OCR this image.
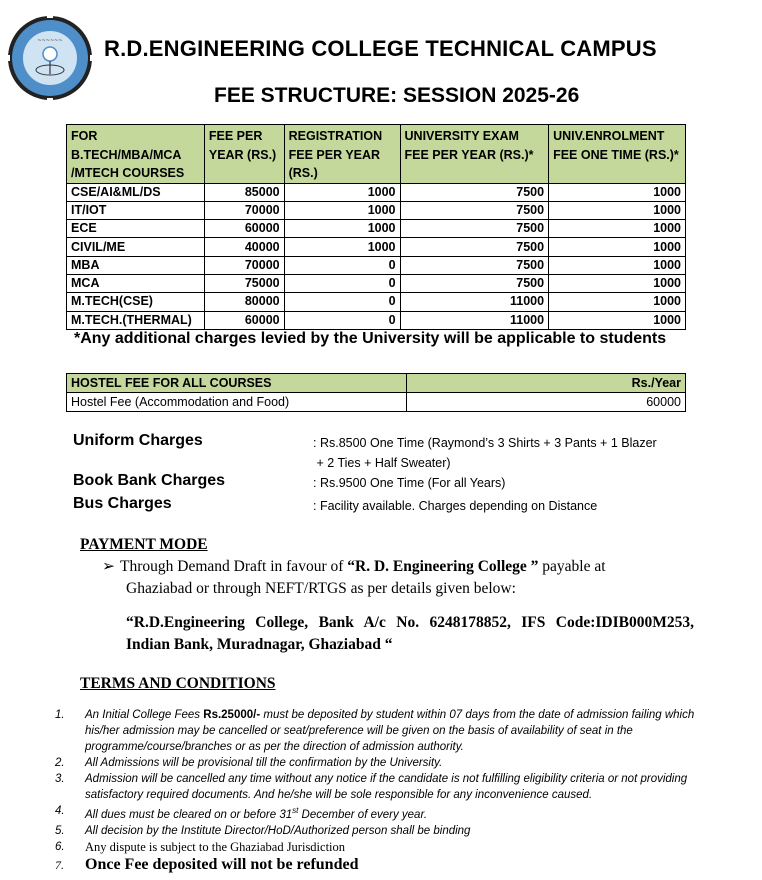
~~~~~~ R.D.ENGINEERING COLLEGE TECHNICAL CAMPUS
FEE STRUCTURE: SESSION 2025-26
FOR B.TECH/MBA/MCA /MTECH COURSES	FEE PER YEAR (RS.)	REGISTRATION FEE PER YEAR (RS.)	UNIVERSITY EXAM FEE PER YEAR (RS.)*	UNIV.ENROLMENT FEE ONE TIME (RS.)*
CSE/AI&ML/DS	85000	1000	7500	1000
IT/IOT	70000	1000	7500	1000
ECE	60000	1000	7500	1000
CIVIL/ME	40000	1000	7500	1000
MBA	70000	0	7500	1000
MCA	75000	0	7500	1000
M.TECH(CSE)	80000	0	11000	1000
M.TECH.(THERMAL)	60000	0	11000	1000
*Any additional charges levied by the University will be applicable to students
HOSTEL FEE FOR ALL COURSES	Rs./Year
Hostel Fee (Accommodation and Food)	60000
Uniform Charges	: Rs.8500 One Time (Raymond’s 3 Shirts + 3 Pants + 1 Blazer
+ 2 Ties + Half Sweater)
Book Bank Charges	: Rs.9500 One Time (For all Years)
Bus Charges	: Facility available. Charges depending on Distance
PAYMENT MODE
➢ Through Demand Draft in favour of “R. D. Engineering College ” payable at
Ghaziabad or through NEFT/RTGS as per details given below:
“R.D.Engineering College, Bank A/c No. 6248178852, IFS Code:IDIB000M253, Indian Bank, Muradnagar, Ghaziabad “
TERMS AND CONDITIONS
1.	An Initial College Fees Rs.25000/- must be deposited by student within 07 days from the date of admission failing which his/her admission may be cancelled or seat/preference will be given on the basis of availability of seat in the programme/course/branches or as per the direction of admission authority.
2.	All Admissions will be provisional till the confirmation by the University.
3.	Admission will be cancelled any time without any notice if the candidate is not fulfilling eligibility criteria or not providing satisfactory required documents. And he/she will be sole responsible for any inconvenience caused.
4.	All dues must be cleared on or before 31st December of every year.
5.	All decision by the Institute Director/HoD/Authorized person shall be binding
6.	Any dispute is subject to the Ghaziabad Jurisdiction
7.	Once Fee deposited will not be refunded
